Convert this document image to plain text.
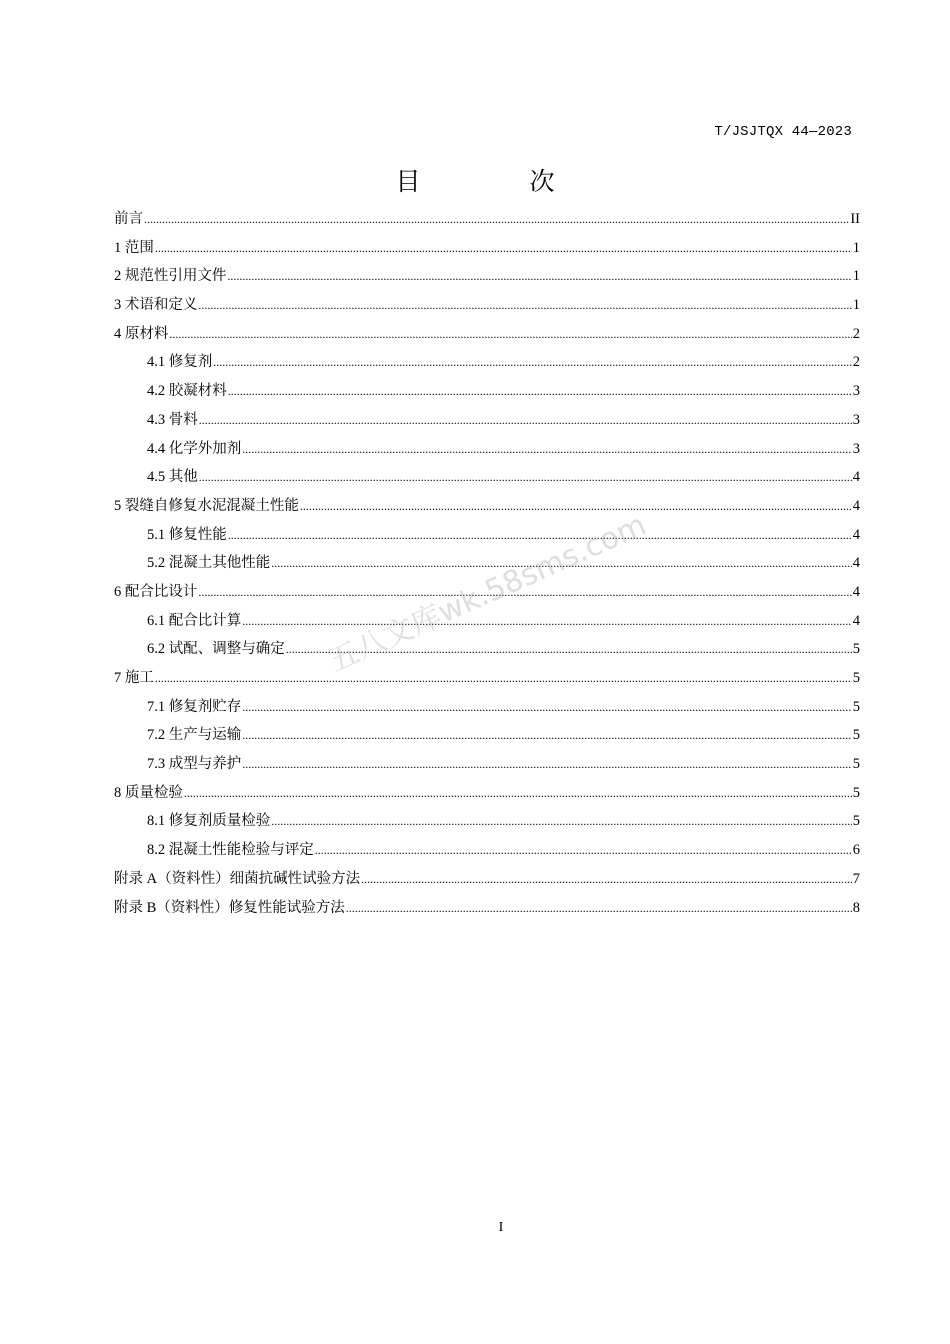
T/JSJTQX 44—2023
目　次
前言 .....	II
1 范围 .....	1
2 规范性引用文件 .....	1
3 术语和定义 .....	1
4 原材料 .....	2
4.1 修复剂 .....	2
4.2 胶凝材料 .....	3
4.3 骨料 .....	3
4.4 化学外加剂 .....	3
4.5 其他 .....	4
5 裂缝自修复水泥混凝土性能 .....	4
5.1 修复性能 .....	4
5.2 混凝土其他性能 .....	4
6 配合比设计 .....	4
6.1 配合比计算 .....	4
6.2 试配、调整与确定 .....	5
7 施工 .....	5
7.1 修复剂贮存 .....	5
7.2 生产与运输 .....	5
7.3 成型与养护 .....	5
8 质量检验 .....	5
8.1 修复剂质量检验 .....	5
8.2 混凝土性能检验与评定 .....	6
附录 A（资料性）细菌抗碱性试验方法 .....	7
附录 B（资料性）修复性能试验方法 .....	8
五八文库wk.58sms.com
I
